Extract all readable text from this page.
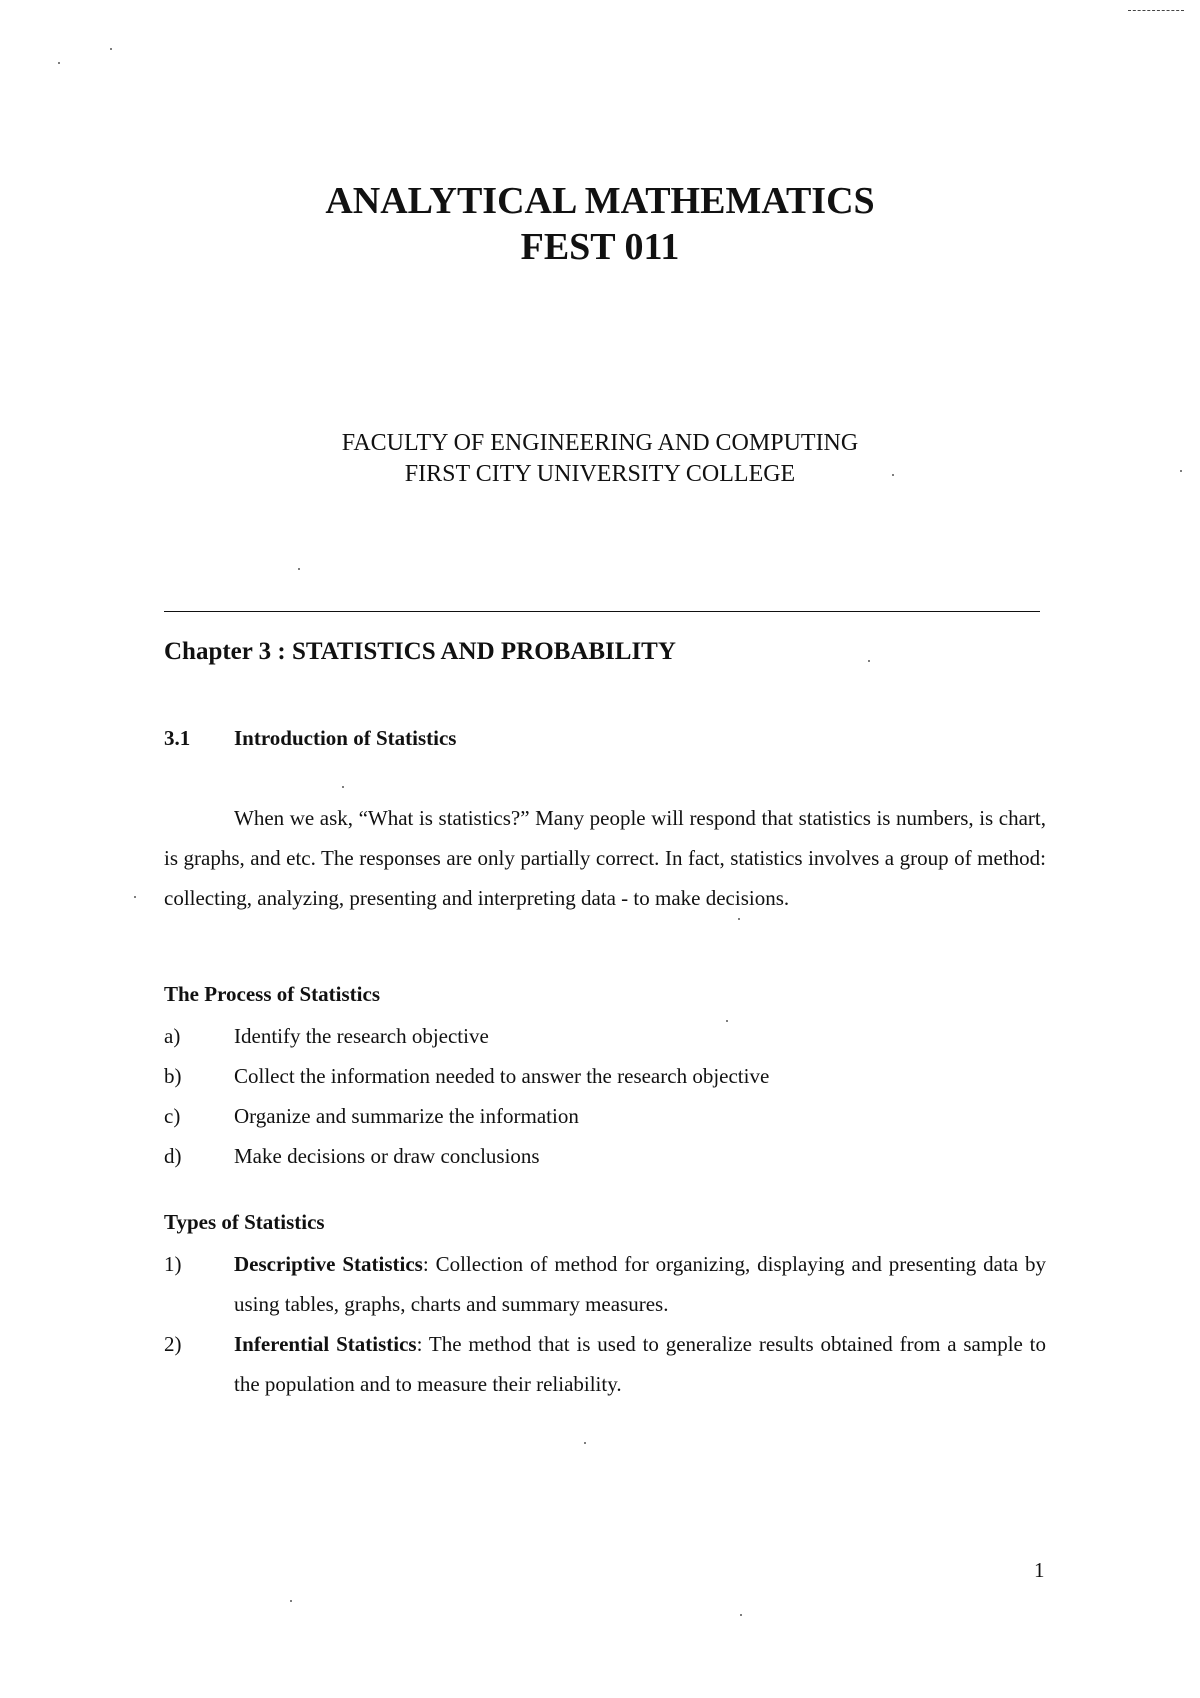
ANALYTICAL MATHEMATICS
FEST 011
FACULTY OF ENGINEERING AND COMPUTING
FIRST CITY UNIVERSITY COLLEGE
Chapter 3 : STATISTICS AND PROBABILITY
3.1 Introduction of Statistics

When we ask, “What is statistics?” Many people will respond that statistics is numbers, is chart, is graphs, and etc. The responses are only partially correct. In fact, statistics involves a group of method: collecting, analyzing, presenting and interpreting data - to make decisions.

The Process of Statistics
a)	Identify the research objective
b)	Collect the information needed to answer the research objective
c)	Organize and summarize the information
d)	Make decisions or draw conclusions
Types of Statistics
1)	Descriptive Statistics: Collection of method for organizing, displaying and presenting data by using tables, graphs, charts and summary measures.
2)	Inferential Statistics: The method that is used to generalize results obtained from a sample to the population and to measure their reliability.
1
